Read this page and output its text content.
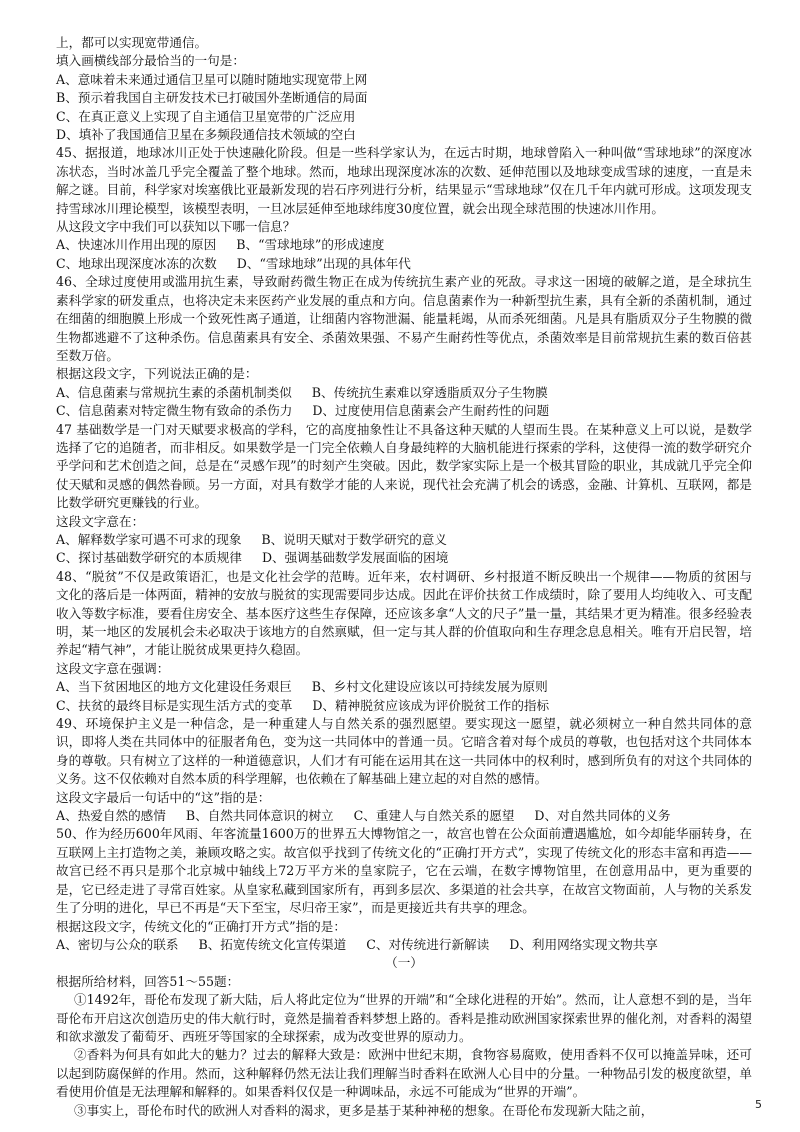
上，都可以实现宽带通信。

填入画横线部分最恰当的一句是：

A、意味着未来通过通信卫星可以随时随地实现宽带上网

B、预示着我国自主研发技术已打破国外垄断通信的局面

C、在真正意义上实现了自主通信卫星宽带的广泛应用

D、填补了我国通信卫星在多频段通信技术领域的空白

45、据报道，地球冰川正处于快速融化阶段。但是一些科学家认为，在远古时期，地球曾陷入一种叫做“雪球地球”的深度冰冻状态，当时冰盖几乎完全覆盖了整个地球。然而，地球出现深度冰冻的次数、延伸范围以及地球变成雪球的速度，一直是未解之谜。目前，科学家对埃塞俄比亚最新发现的岩石序列进行分析，结果显示“雪球地球”仅在几千年内就可形成。这项发现支持雪球冰川理论模型，该模型表明，一旦冰层延伸至地球纬度30度位置，就会出现全球范围的快速冰川作用。

从这段文字中我们可以获知以下哪一信息？

A、快速冰川作用出现的原因 B、“雪球地球”的形成速度

C、地球出现深度冰冻的次数 D、“雪球地球”出现的具体年代

46、全球过度使用或滥用抗生素，导致耐药微生物正在成为传统抗生素产业的死敌。寻求这一困境的破解之道，是全球抗生素科学家的研发重点，也将决定未来医药产业发展的重点和方向。信息菌素作为一种新型抗生素，具有全新的杀菌机制，通过在细菌的细胞膜上形成一个致死性离子通道，让细菌内容物泄漏、能量耗竭，从而杀死细菌。凡是具有脂质双分子生物膜的微生物都逃避不了这种杀伤。信息菌素具有安全、杀菌效果强、不易产生耐药性等优点，杀菌效率是目前常规抗生素的数百倍甚至数万倍。

根据这段文字，下列说法正确的是：

A、信息菌素与常规抗生素的杀菌机制类似 B、传统抗生素难以穿透脂质双分子生物膜

C、信息菌素对特定微生物有致命的杀伤力 D、过度使用信息菌素会产生耐药性的问题

47 基础数学是一门对天赋要求极高的学科，它的高度抽象性让不具备这种天赋的人望而生畏。在某种意义上可以说，是数学选择了它的追随者，而非相反。如果数学是一门完全依赖人自身最纯粹的大脑机能进行探索的学科，这使得一流的数学研究介乎学问和艺术创造之间，总是在“灵感乍现”的时刻产生突破。因此，数学家实际上是一个极其冒险的职业，其成就几乎完全仰仗天赋和灵感的偶然眷顾。另一方面，对具有数学才能的人来说，现代社会充满了机会的诱惑，金融、计算机、互联网，都是比数学研究更赚钱的行业。

这段文字意在：

A、解释数学家可遇不可求的现象 B、说明天赋对于数学研究的意义

C、探讨基础数学研究的本质规律 D、强调基础数学发展面临的困境

48、“脱贫”不仅是政策语汇，也是文化社会学的范畴。近年来，农村调研、乡村报道不断反映出一个规律——物质的贫困与文化的落后是一体两面，精神的安放与脱贫的实现需要同步达成。因此在评价扶贫工作成绩时，除了要用人均纯收入、可支配收入等数字标准，要看住房安全、基本医疗这些生存保障，还应该多拿“人文的尺子”量一量，其结果才更为精准。很多经验表明，某一地区的发展机会未必取决于该地方的自然禀赋，但一定与其人群的价值取向和生存理念息息相关。唯有开启民智，培养起“精气神”，才能让脱贫成果更持久稳固。

这段文字意在强调：

A、当下贫困地区的地方文化建设任务艰巨 B、乡村文化建设应该以可持续发展为原则

C、扶贫的最终目标是实现生活方式的变革 D、精神脱贫应该成为评价脱贫工作的指标

49、环境保护主义是一种信念，是一种重建人与自然关系的强烈愿望。要实现这一愿望，就必须树立一种自然共同体的意识，即将人类在共同体中的征服者角色，变为这一共同体中的普通一员。它暗含着对每个成员的尊敬，也包括对这个共同体本身的尊敬。只有树立了这样的一种道德意识，人们才有可能在运用其在这一共同体中的权利时，感到所负有的对这个共同体的义务。这不仅依赖对自然本质的科学理解，也依赖在了解基础上建立起的对自然的感情。

这段文字最后一句话中的“这”指的是：

A、热爱自然的感情 B、自然共同体意识的树立 C、重建人与自然关系的愿望 D、对自然共同体的义务

50、作为经历600年风雨、年客流量1600万的世界五大博物馆之一，故宫也曾在公众面前遭遇尴尬，如今却能华丽转身，在互联网上主打造物之美，兼顾攻略之实。故宫似乎找到了传统文化的“正确打开方式”，实现了传统文化的形态丰富和再造——故宫已经不再只是那个北京城中轴线上72万平方米的皇家院子，它在云端，在数字博物馆里，在创意用品中，更为重要的是，它已经走进了寻常百姓家。从皇家私藏到国家所有，再到多层次、多渠道的社会共享，在故宫文物面前，人与物的关系发生了分明的进化，早已不再是“天下至宝，尽归帝王家”，而是更接近共有共享的理念。

根据这段文字，传统文化的“正确打开方式”指的是：

A、密切与公众的联系 B、拓宽传统文化宣传渠道 C、对传统进行新解读 D、利用网络实现文物共享

（一）

根据所给材料，回答51～55题：

①1492年，哥伦布发现了新大陆，后人将此定位为“世界的开端”和“全球化进程的开始”。然而，让人意想不到的是，当年哥伦布开启这次创造历史的伟大航行时，竟然是揣着香料梦想上路的。香料是推动欧洲国家探索世界的催化剂，对香料的渴望和欲求激发了葡萄牙、西班牙等国家的全球探索，成为改变世界的原动力。

②香料为何具有如此大的魅力？过去的解释大致是：欧洲中世纪末期，食物容易腐败，使用香料不仅可以掩盖异味，还可以起到防腐保鲜的作用。然而，这种解释仍然无法让我们理解当时香料在欧洲人心目中的分量。一种物品引发的极度欲望，单看使用价值是无法理解和解释的。如果香料仅仅是一种调味品，永远不可能成为“世界的开端”。

③事实上，哥伦布时代的欧洲人对香料的渴求，更多是基于某种神秘的想象。在哥伦布发现新大陆之前，	5
